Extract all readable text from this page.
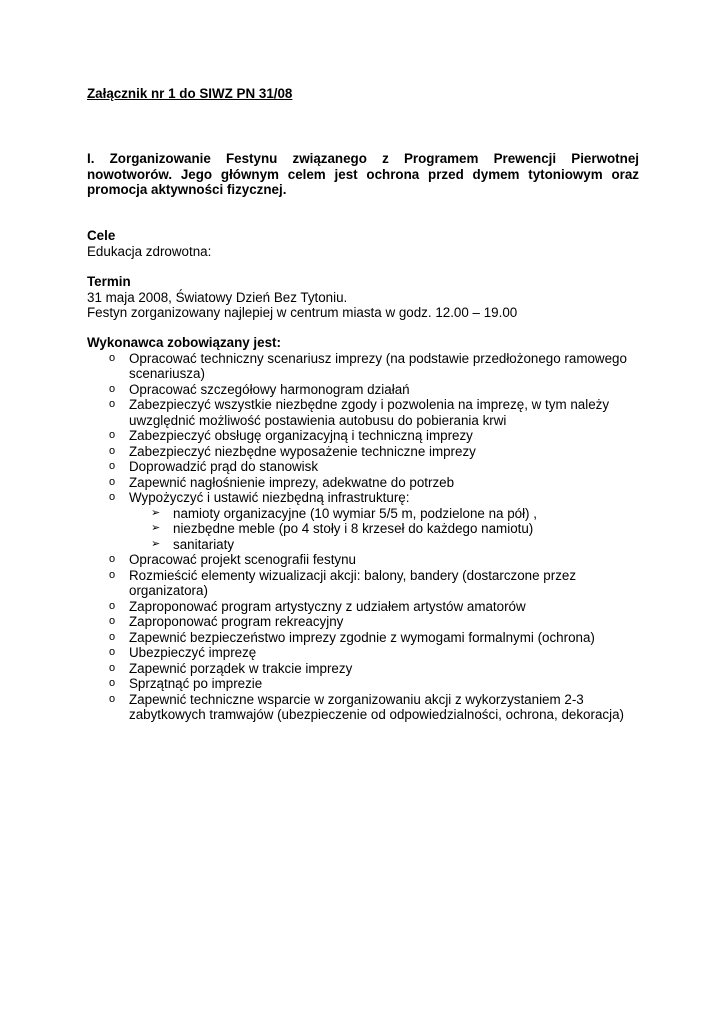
Załącznik nr 1 do SIWZ PN 31/08
I. Zorganizowanie Festynu związanego z Programem Prewencji Pierwotnej nowotworów. Jego głównym celem jest ochrona przed dymem tytoniowym oraz promocja aktywności fizycznej.
Cele
Edukacja zdrowotna:
Termin
31 maja 2008, Światowy Dzień Bez Tytoniu.
Festyn zorganizowany najlepiej w centrum miasta w godz. 12.00 – 19.00
Wykonawca zobowiązany jest:
o Opracować techniczny scenariusz imprezy (na podstawie przedłożonego ramowego scenariusza)
o Opracować szczegółowy harmonogram działań
o Zabezpieczyć wszystkie niezbędne zgody i pozwolenia na imprezę, w tym należy uwzględnić możliwość postawienia autobusu do pobierania krwi
o Zabezpieczyć obsługę organizacyjną i techniczną imprezy
o Zabezpieczyć niezbędne wyposażenie techniczne imprezy
o Doprowadzić prąd do stanowisk
o Zapewnić nagłośnienie imprezy, adekwatne do potrzeb
o Wypożyczyć i ustawić niezbędną infrastrukturę:
➢ namioty organizacyjne (10 wymiar 5/5 m, podzielone na pół) ,
➢ niezbędne meble (po 4 stoły i 8 krzeseł do każdego namiotu)
➢ sanitariaty
o Opracować projekt scenografii festynu
o Rozmieścić elementy wizualizacji akcji: balony, bandery (dostarczone przez organizatora)
o Zaproponować program artystyczny z udziałem artystów amatorów
o Zaproponować program rekreacyjny
o Zapewnić bezpieczeństwo imprezy zgodnie z wymogami formalnymi (ochrona)
o Ubezpieczyć imprezę
o Zapewnić porządek w trakcie imprezy
o Sprzątnąć po imprezie
o Zapewnić techniczne wsparcie w zorganizowaniu akcji z wykorzystaniem 2-3 zabytkowych tramwajów (ubezpieczenie od odpowiedzialności, ochrona, dekoracja)
